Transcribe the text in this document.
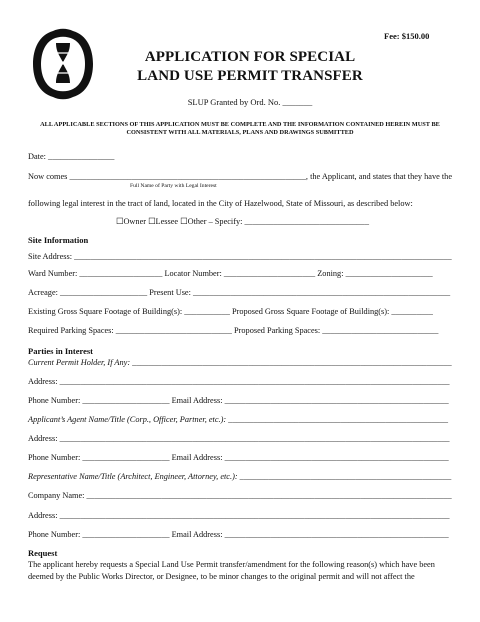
Fee: $150.00
APPLICATION FOR SPECIAL
LAND USE PERMIT TRANSFER
SLUP Granted by Ord. No. _______
ALL APPLICABLE SECTIONS OF THIS APPLICATION MUST BE COMPLETE AND THE INFORMATION CONTAINED HEREIN MUST BE
CONSISTENT WITH ALL MATERIALS, PLANS AND DRAWINGS SUBMITTED
Date: ________________
Now comes _________________________________________________________, the Applicant, and states that they have the
Full Name of Party with Legal Interest
following legal interest in the tract of land, located in the City of Hazelwood, State of Missouri, as described below:
☐Owner ☐Lessee ☐Other – Specify: ______________________________
Site Information
Site Address: ___________________________________________________________________________________________
Ward Number: ____________________ Locator Number: ______________________ Zoning: _____________________
Acreage: _____________________ Present Use: ______________________________________________________________
Existing Gross Square Footage of Building(s): ___________ Proposed Gross Square Footage of Building(s): __________
Required Parking Spaces: ____________________________ Proposed Parking Spaces: ____________________________
Parties in Interest
Current Permit Holder, If Any: _____________________________________________________________________________
Address: ______________________________________________________________________________________________
Phone Number: _____________________ Email Address: ______________________________________________________
Applicant’s Agent Name/Title (Corp., Officer, Partner, etc.): _____________________________________________________
Address: ______________________________________________________________________________________________
Phone Number: _____________________ Email Address: ______________________________________________________
Representative Name/Title (Architect, Engineer, Attorney, etc.): ___________________________________________________
Company Name: ________________________________________________________________________________________
Address: ______________________________________________________________________________________________
Phone Number: _____________________ Email Address: ______________________________________________________
Request
The applicant hereby requests a Special Land Use Permit transfer/amendment for the following reason(s) which have been
deemed by the Public Works Director, or Designee, to be minor changes to the original permit and will not affect the
